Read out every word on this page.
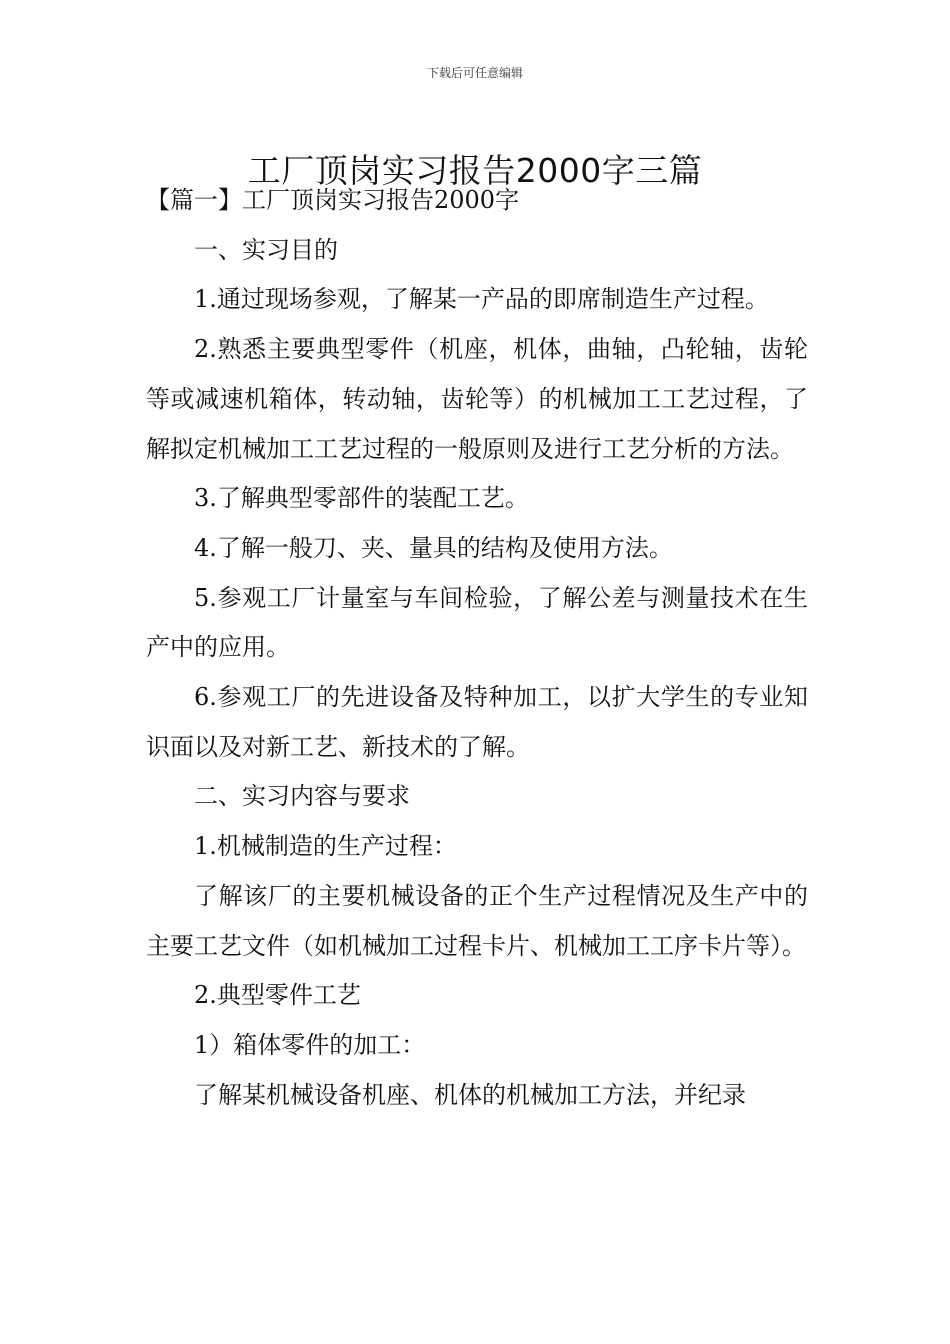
下载后可任意编辑
工厂顶岗实习报告2000字三篇

【篇一】工厂顶岗实习报告2000字

一、实习目的

1.通过现场参观，了解某一产品的即席制造生产过程。

2.熟悉主要典型零件（机座，机体，曲轴，凸轮轴，齿轮等或减速机箱体，转动轴，齿轮等）的机械加工工艺过程，了解拟定机械加工工艺过程的一般原则及进行工艺分析的方法。

3.了解典型零部件的装配工艺。

4.了解一般刀、夹、量具的结构及使用方法。

5.参观工厂计量室与车间检验，了解公差与测量技术在生产中的应用。

6.参观工厂的先进设备及特种加工，以扩大学生的专业知识面以及对新工艺、新技术的了解。

二、实习内容与要求

1.机械制造的生产过程：

了解该厂的主要机械设备的正个生产过程情况及生产中的主要工艺文件（如机械加工过程卡片、机械加工工序卡片等）。

2.典型零件工艺

1）箱体零件的加工：

了解某机械设备机座、机体的机械加工方法，并纪录
